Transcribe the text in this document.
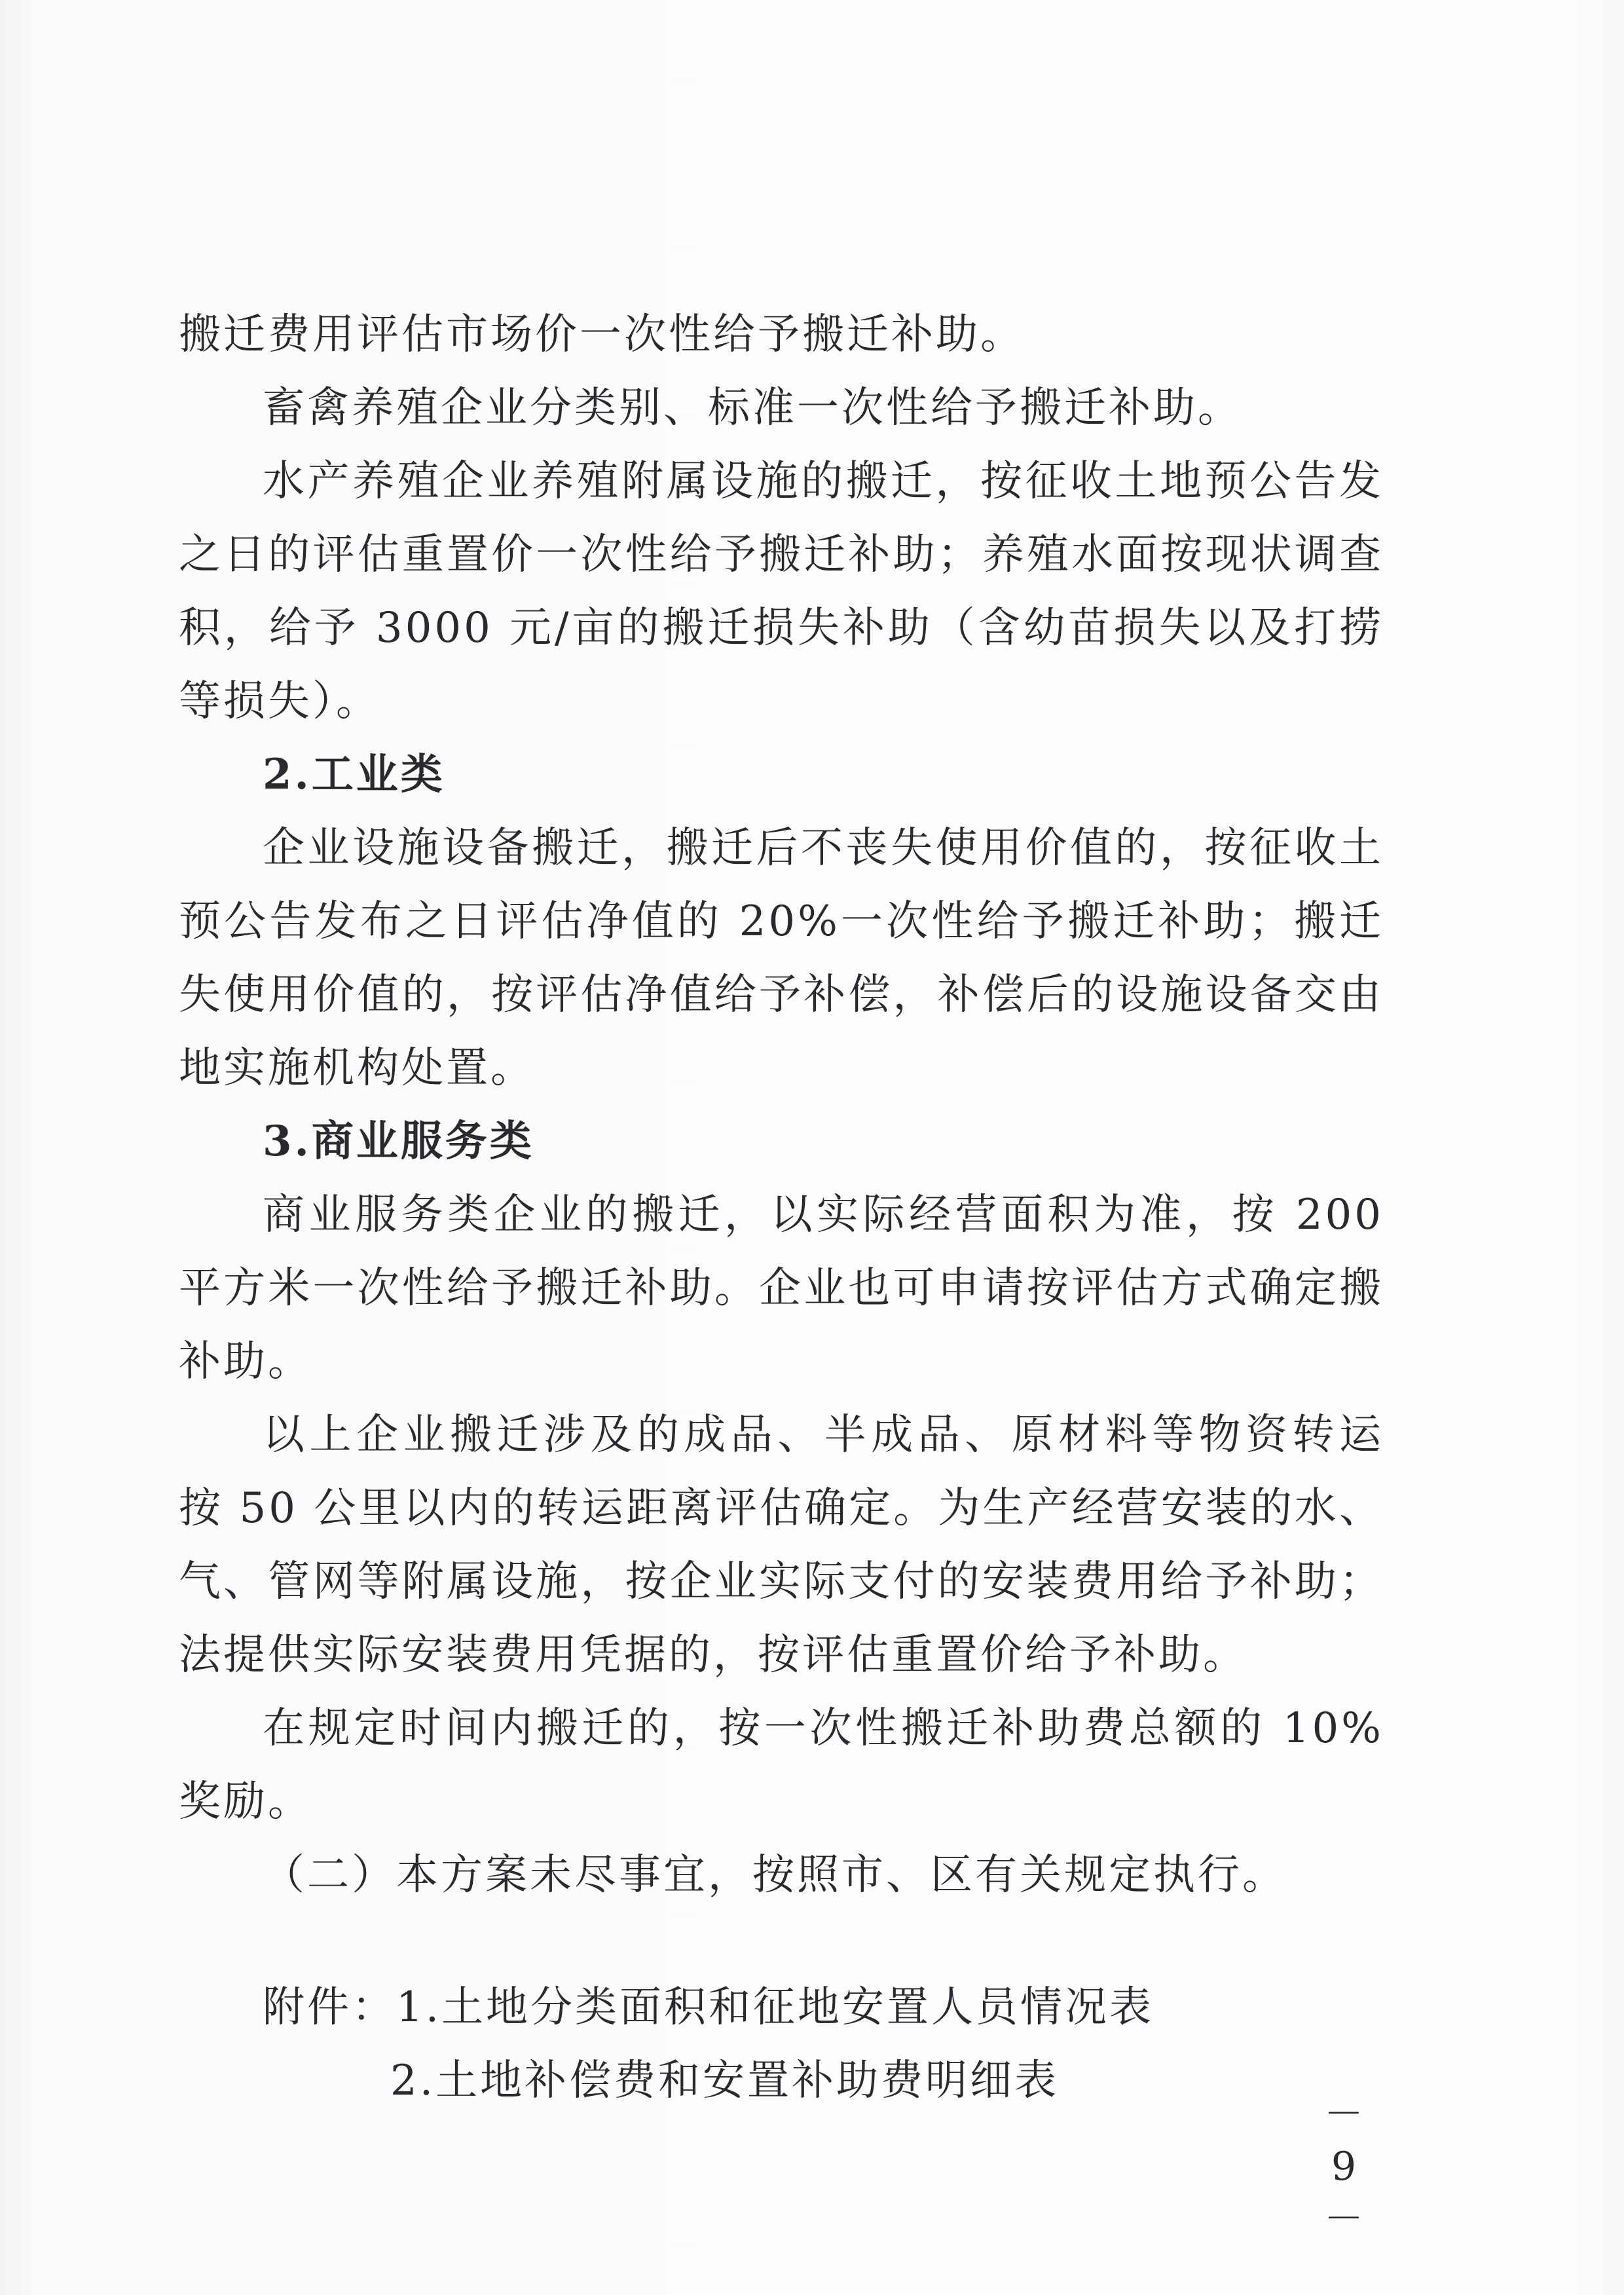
搬迁费用评估市场价一次性给予搬迁补助。
畜禽养殖企业分类别、标准一次性给予搬迁补助。
水产养殖企业养殖附属设施的搬迁，按征收土地预公告发
之日的评估重置价一次性给予搬迁补助；养殖水面按现状调查
积，给予 3000 元/亩的搬迁损失补助（含幼苗损失以及打捞
等损失）。
2.工业类
企业设施设备搬迁，搬迁后不丧失使用价值的，按征收土
预公告发布之日评估净值的 20%一次性给予搬迁补助；搬迁
失使用价值的，按评估净值给予补偿，补偿后的设施设备交由
地实施机构处置。
3.商业服务类
商业服务类企业的搬迁，以实际经营面积为准，按 200
平方米一次性给予搬迁补助。企业也可申请按评估方式确定搬
补助。
以上企业搬迁涉及的成品、半成品、原材料等物资转运
按 50 公里以内的转运距离评估确定。为生产经营安装的水、
气、管网等附属设施，按企业实际支付的安装费用给予补助；
法提供实际安装费用凭据的，按评估重置价给予补助。
在规定时间内搬迁的，按一次性搬迁补助费总额的 10%
奖励。
（二）本方案未尽事宜，按照市、区有关规定执行。
附件：1.土地分类面积和征地安置人员情况表
2.土地补偿费和安置补助费明细表
－ 9 －
